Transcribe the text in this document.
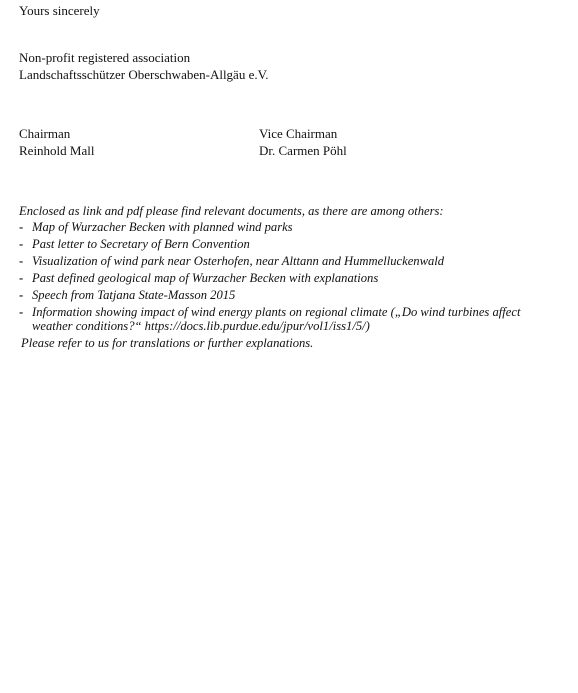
Yours sincerely
Non-profit registered association
Landschaftsschützer Oberschwaben-Allgäu e.V.
Chairman
Reinhold Mall
Vice Chairman
Dr. Carmen Pöhl
Enclosed as link and pdf please find relevant documents, as there are among others:
- Map of Wurzacher Becken with planned wind parks
- Past letter to Secretary of Bern Convention
- Visualization of wind park near Osterhofen, near Alttann and Hummelluckenwald
- Past defined geological map of Wurzacher Becken with explanations
- Speech from Tatjana State-Masson 2015
- Information showing impact of wind energy plants on regional climate („Do wind turbines affect weather conditions?“ https://docs.lib.purdue.edu/jpur/vol1/iss1/5/)
Please refer to us for translations or further explanations.
